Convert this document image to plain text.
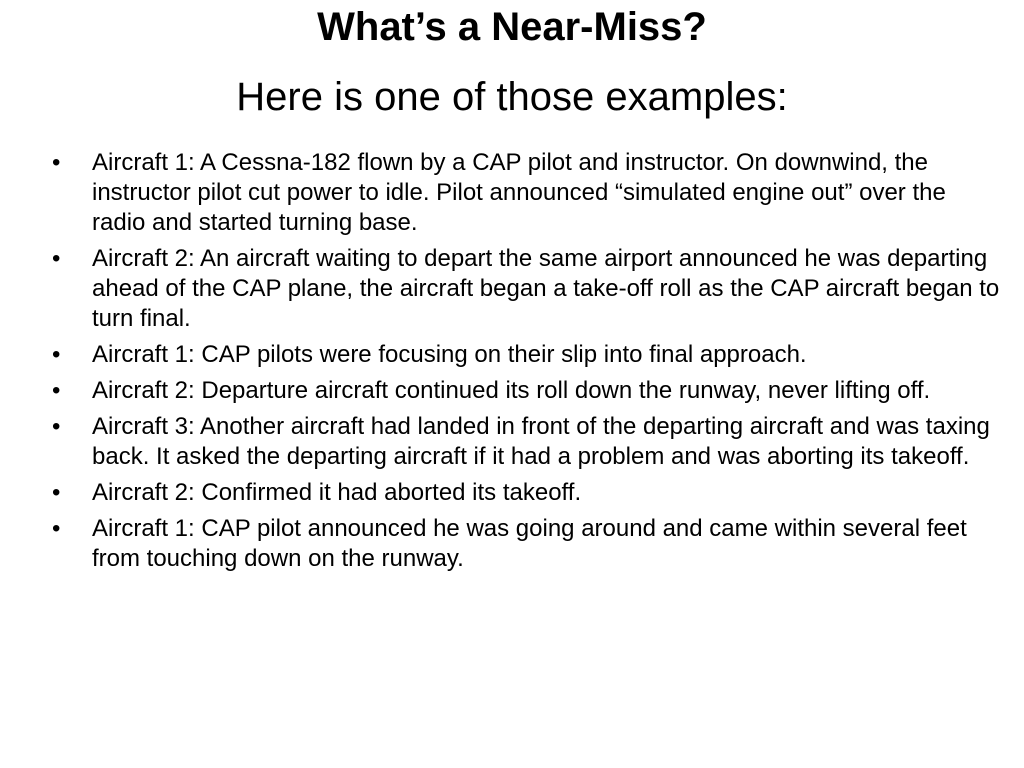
What’s a Near-Miss?
Here is one of those examples:
• Aircraft 1: A Cessna-182 flown by a CAP pilot and instructor. On downwind, the instructor pilot cut power to idle. Pilot announced “simulated engine out” over the radio and started turning base.
• Aircraft 2: An aircraft waiting to depart the same airport announced he was departing ahead of the CAP plane, the aircraft began a take-off roll as the CAP aircraft began to turn final.
• Aircraft 1: CAP pilots were focusing on their slip into final approach.
• Aircraft 2: Departure aircraft continued its roll down the runway, never lifting off.
• Aircraft 3: Another aircraft had landed in front of the departing aircraft and was taxing back. It asked the departing aircraft if it had a problem and was aborting its takeoff.
• Aircraft 2: Confirmed it had aborted its takeoff.
• Aircraft 1: CAP pilot announced he was going around and came within several feet from touching down on the runway.
